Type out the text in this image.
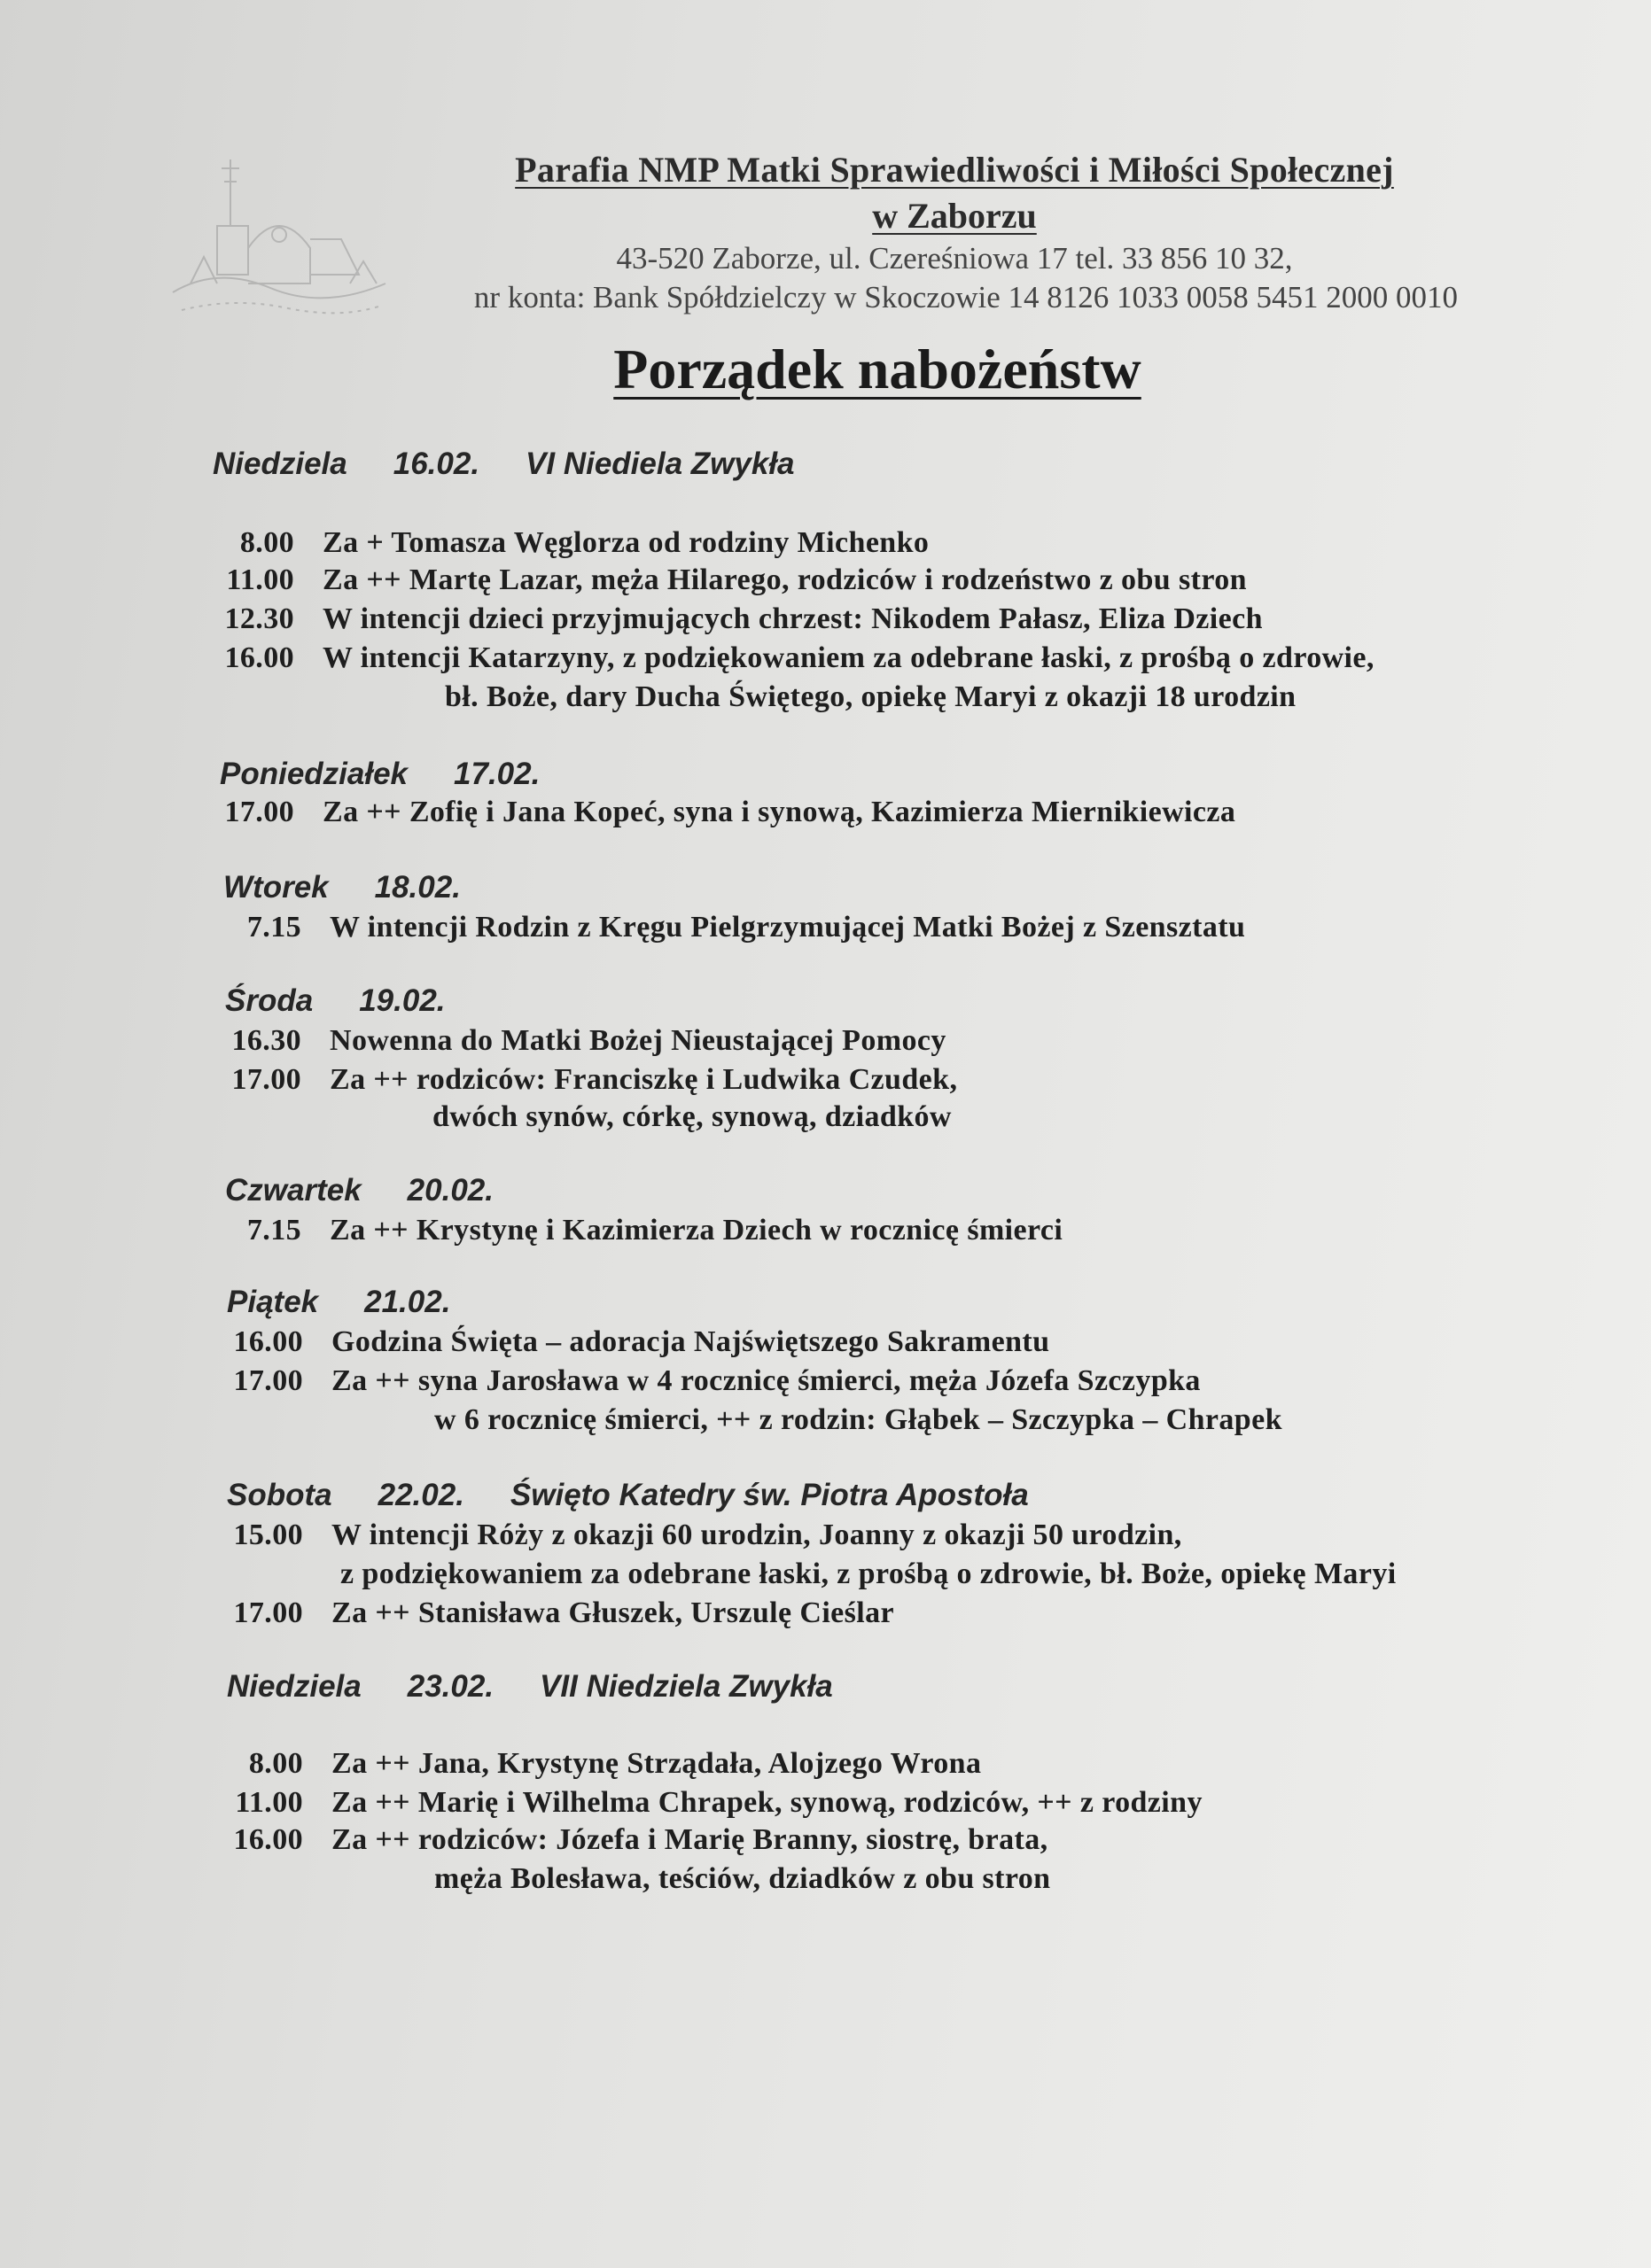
Parafia NMP Matki Sprawiedliwości i Miłości Społecznej
w Zaborzu
43-520 Zaborze, ul. Czereśniowa 17 tel. 33 856 10 32,
nr konta: Bank Spółdzielczy w Skoczowie 14 8126 1033 0058 5451 2000 0010
Porządek nabożeństw
Niedziela 16.02. VI Niediela Zwykła
8.00 Za + Tomasza Węglorza od rodziny Michenko
11.00 Za ++ Martę Lazar, męża Hilarego, rodziców i rodzeństwo z obu stron
12.30 W intencji dzieci przyjmujących chrzest: Nikodem Pałasz, Eliza Dziech
16.00 W intencji Katarzyny, z podziękowaniem za odebrane łaski, z prośbą o zdrowie,
bł. Boże, dary Ducha Świętego, opiekę Maryi z okazji 18 urodzin
Poniedziałek 17.02.
17.00 Za ++ Zofię i Jana Kopeć, syna i synową, Kazimierza Miernikiewicza
Wtorek 18.02.
7.15 W intencji Rodzin z Kręgu Pielgrzymującej Matki Bożej z Szensztatu
Środa 19.02.
16.30 Nowenna do Matki Bożej Nieustającej Pomocy
17.00 Za ++ rodziców: Franciszkę i Ludwika Czudek,
dwóch synów, córkę, synową, dziadków
Czwartek 20.02.
7.15 Za ++ Krystynę i Kazimierza Dziech w rocznicę śmierci
Piątek 21.02.
16.00 Godzina Święta – adoracja Najświętszego Sakramentu
17.00 Za ++ syna Jarosława w 4 rocznicę śmierci, męża Józefa Szczypka
w 6 rocznicę śmierci, ++ z rodzin: Głąbek – Szczypka – Chrapek
Sobota 22.02. Święto Katedry św. Piotra Apostoła
15.00 W intencji Róży z okazji 60 urodzin, Joanny z okazji 50 urodzin,
z podziękowaniem za odebrane łaski, z prośbą o zdrowie, bł. Boże, opiekę Maryi
17.00 Za ++ Stanisława Głuszek, Urszulę Cieślar
Niedziela 23.02. VII Niedziela Zwykła
8.00 Za ++ Jana, Krystynę Strządała, Alojzego Wrona
11.00 Za ++ Marię i Wilhelma Chrapek, synową, rodziców, ++ z rodziny
16.00 Za ++ rodziców: Józefa i Marię Branny, siostrę, brata,
męża Bolesława, teściów, dziadków z obu stron
